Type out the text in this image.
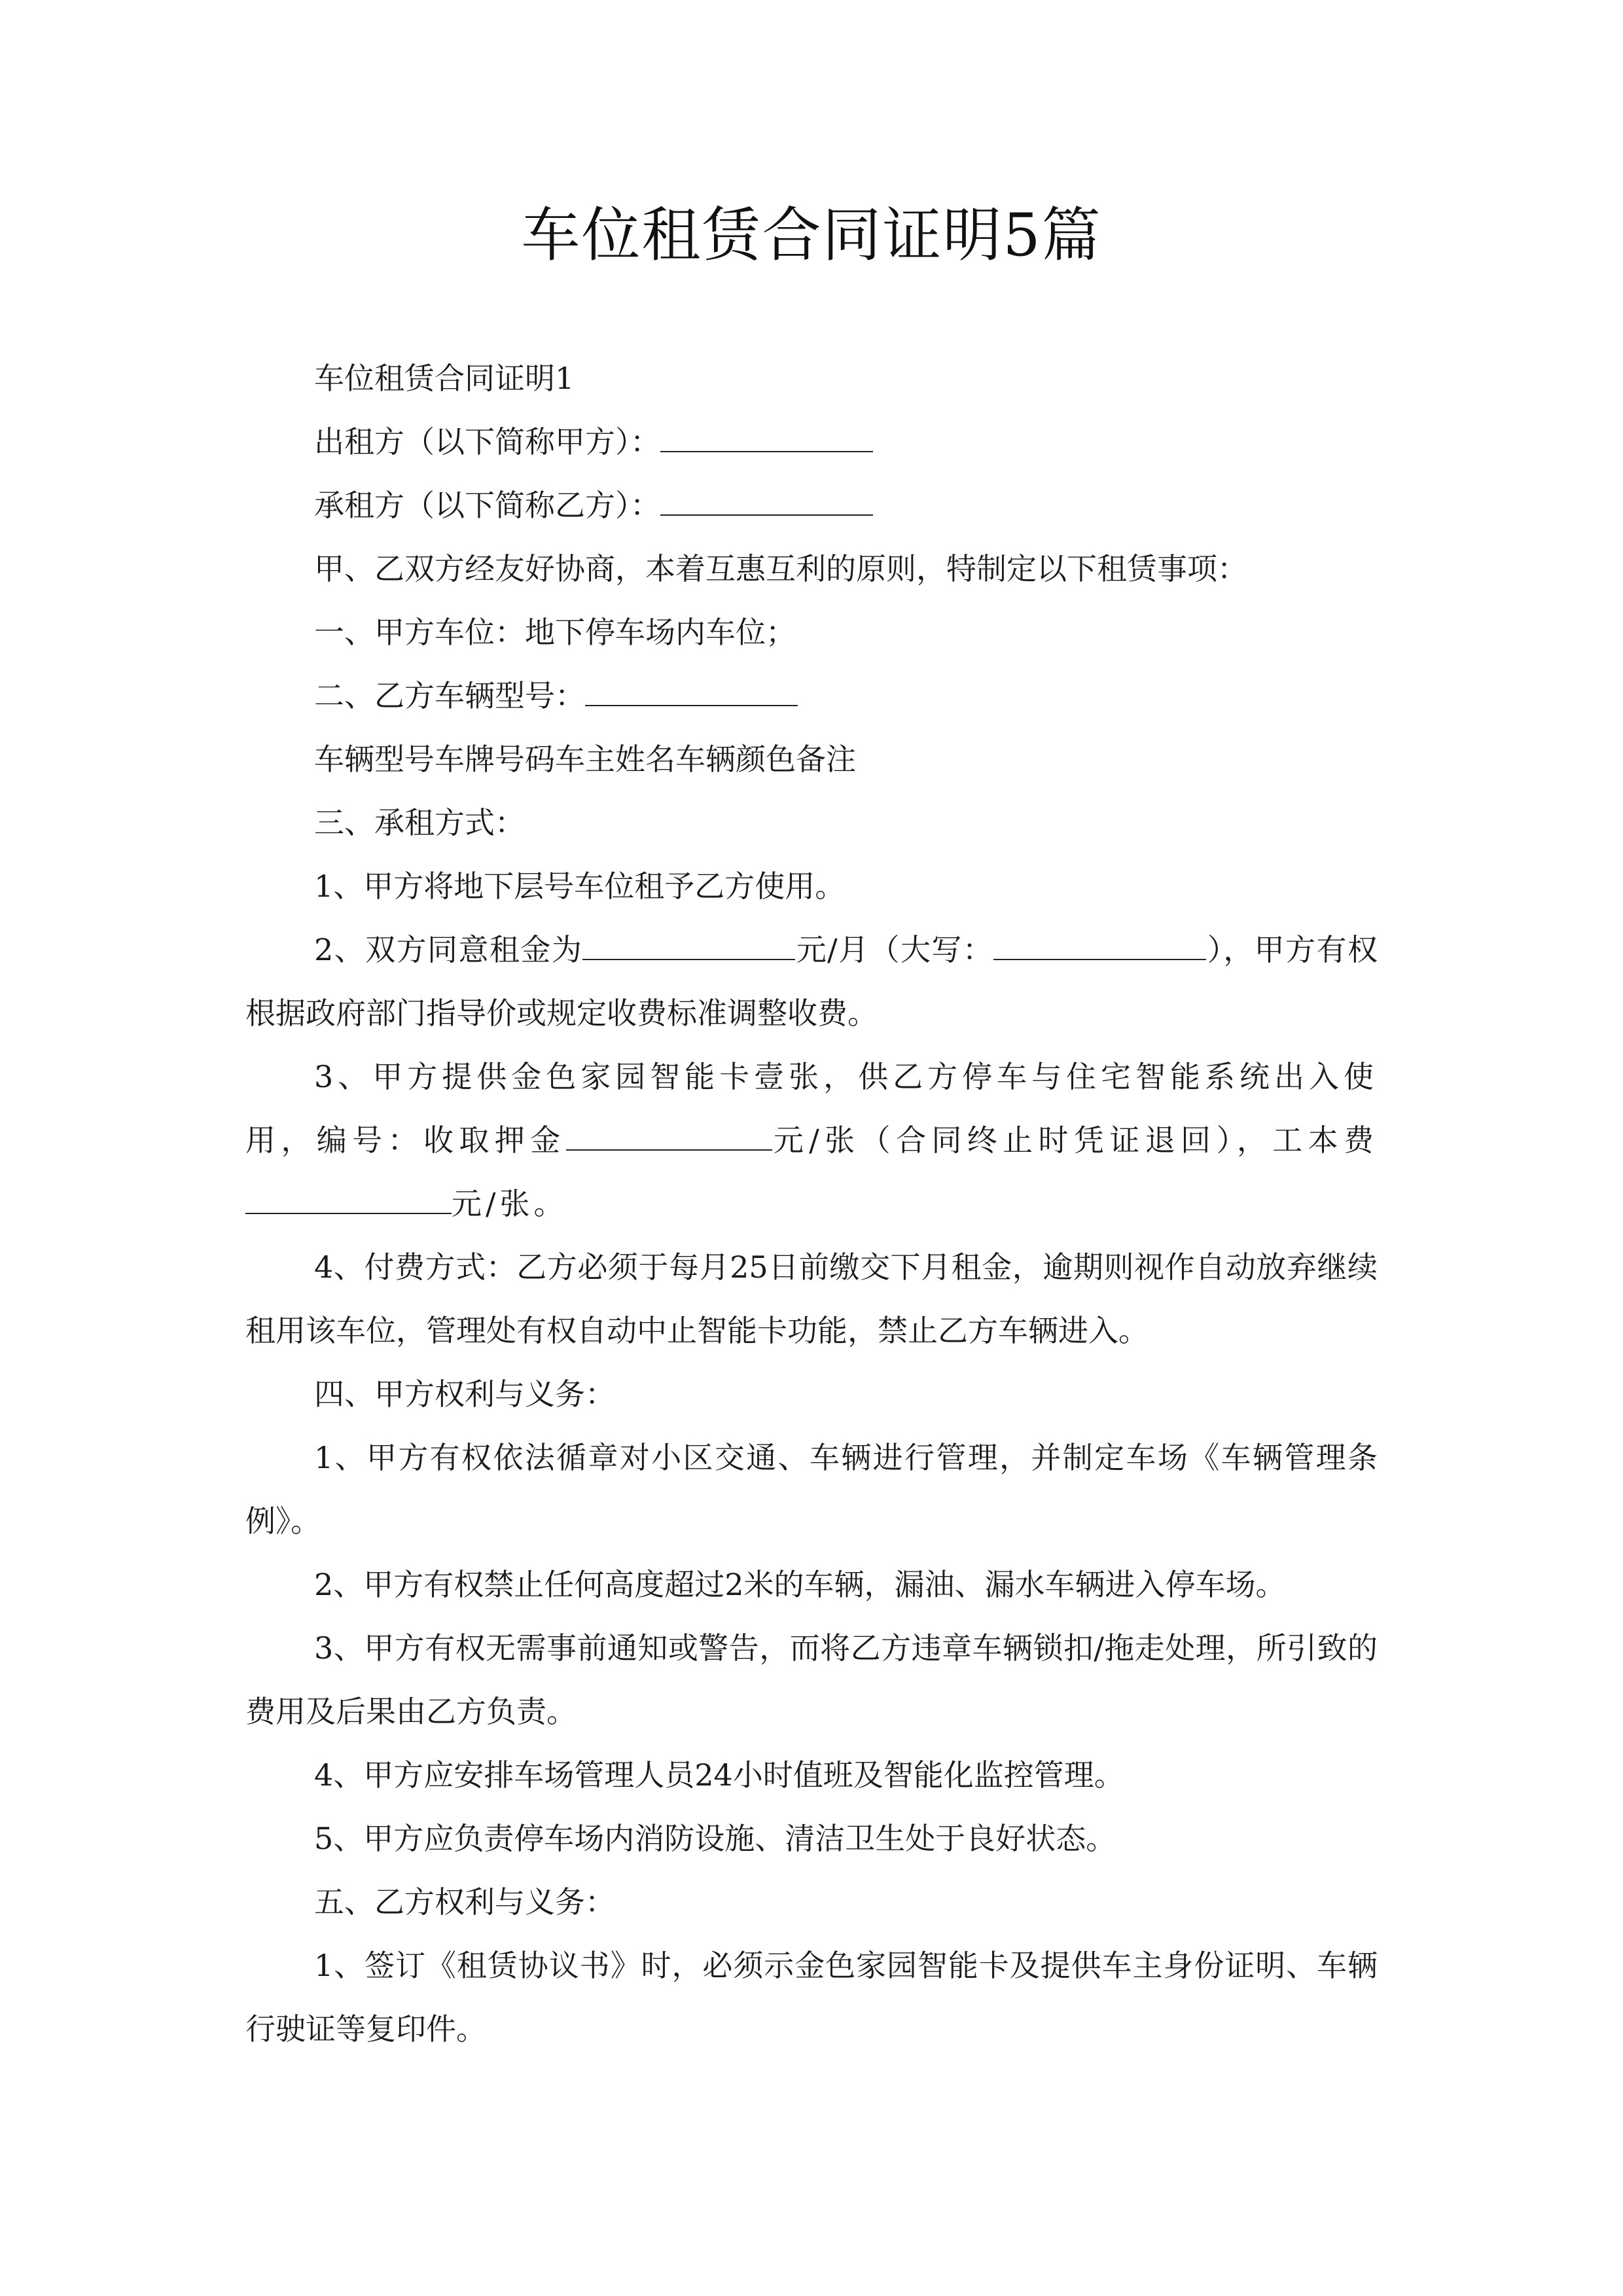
车位租赁合同证明5篇

车位租赁合同证明1

出租方（以下简称甲方）：

承租方（以下简称乙方）：

甲、乙双方经友好协商，本着互惠互利的原则，特制定以下租赁事项：

一、甲方车位：地下停车场内车位；

二、乙方车辆型号：

车辆型号车牌号码车主姓名车辆颜色备注

三、承租方式：

1、甲方将地下层号车位租予乙方使用。

2、双方同意租金为	元/月（大写：	），甲方有权根据政府部门指导价或规定收费标准调整收费。

3、甲方提供金色家园智能卡壹张，供乙方停车与住宅智能系统出入使用，编号：收取押金	元/张（合同终止时凭证退回），工本费元/张。

4、付费方式：乙方必须于每月25日前缴交下月租金，逾期则视作自动放弃继续租用该车位，管理处有权自动中止智能卡功能，禁止乙方车辆进入。

四、甲方权利与义务：

1、甲方有权依法循章对小区交通、车辆进行管理，并制定车场《车辆管理条例》。

2、甲方有权禁止任何高度超过2米的车辆，漏油、漏水车辆进入停车场。

3、甲方有权无需事前通知或警告，而将乙方违章车辆锁扣/拖走处理，所引致的费用及后果由乙方负责。

4、甲方应安排车场管理人员24小时值班及智能化监控管理。

5、甲方应负责停车场内消防设施、清洁卫生处于良好状态。

五、乙方权利与义务：

1、签订《租赁协议书》时，必须示金色家园智能卡及提供车主身份证明、车辆行驶证等复印件。
